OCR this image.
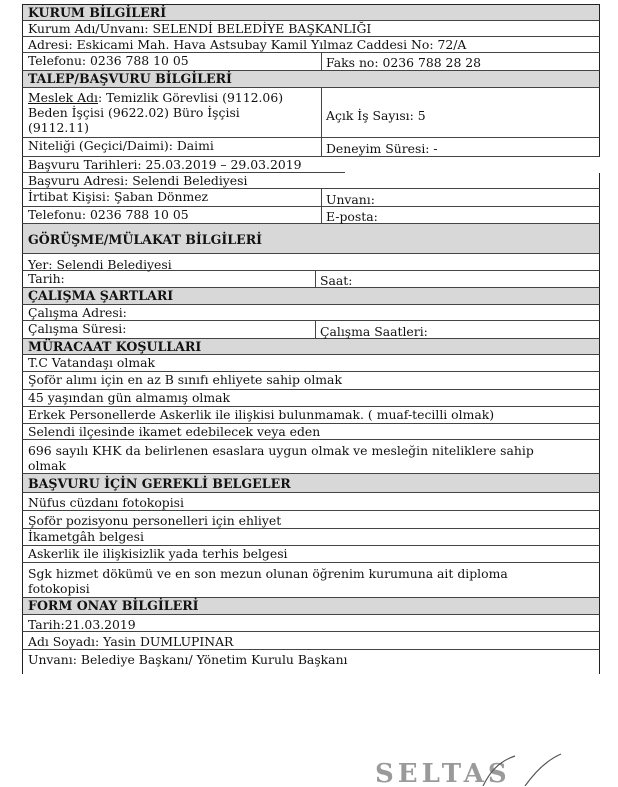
KURUM BİLGİLERİ
Kurum Adı/Unvanı: SELENDİ BELEDİYE BAŞKANLIĞI
Adresi: Eskicami Mah. Hava Astsubay Kamil Yılmaz Caddesi No: 72/A
Telefonu: 0236 788 10 05	Faks no: 0236 788 28 28
TALEP/BAŞVURU BİLGİLERİ
Meslek Adı: Temizlik Görevlisi (9112.06)
Beden İşçisi (9622.02) Büro İşçisi
(9112.11)
Açık İş Sayısı: 5
Niteliği (Geçici/Daimi): Daimi	Deneyim Süresi: -
Başvuru Tarihleri: 25.03.2019 – 29.03.2019
Başvuru Adresi: Selendi Belediyesi
İrtibat Kişisi: Şaban Dönmez	Unvanı:
Telefonu: 0236 788 10 05	E-posta:
GÖRÜŞME/MÜLAKAT BİLGİLERİ
Yer: Selendi Belediyesi
Tarih:	Saat:
ÇALIŞMA ŞARTLARI
Çalışma Adresi:
Çalışma Süresi:	Çalışma Saatleri:
MÜRACAAT KOŞULLARI
T.C Vatandaşı olmak
Şoför alımı için en az B sınıfı ehliyete sahip olmak
45 yaşından gün almamış olmak
Erkek Personellerde Askerlik ile ilişkisi bulunmamak. ( muaf-tecilli olmak)
Selendi ilçesinde ikamet edebilecek veya eden
696 sayılı KHK da belirlenen esaslara uygun olmak ve mesleğin niteliklere sahip
olmak
BAŞVURU İÇİN GEREKLİ BELGELER
Nüfus cüzdanı fotokopisi
Şoför pozisyonu personelleri için ehliyet
İkametgâh belgesi
Askerlik ile ilişkisizlik yada terhis belgesi
Sgk hizmet dökümü ve en son mezun olunan öğrenim kurumuna ait diploma
fotokopisi
FORM ONAY BİLGİLERİ
Tarih:21.03.2019
Adı Soyadı: Yasin DUMLUPINAR
Unvanı: Belediye Başkanı/ Yönetim Kurulu Başkanı
SELTAS
